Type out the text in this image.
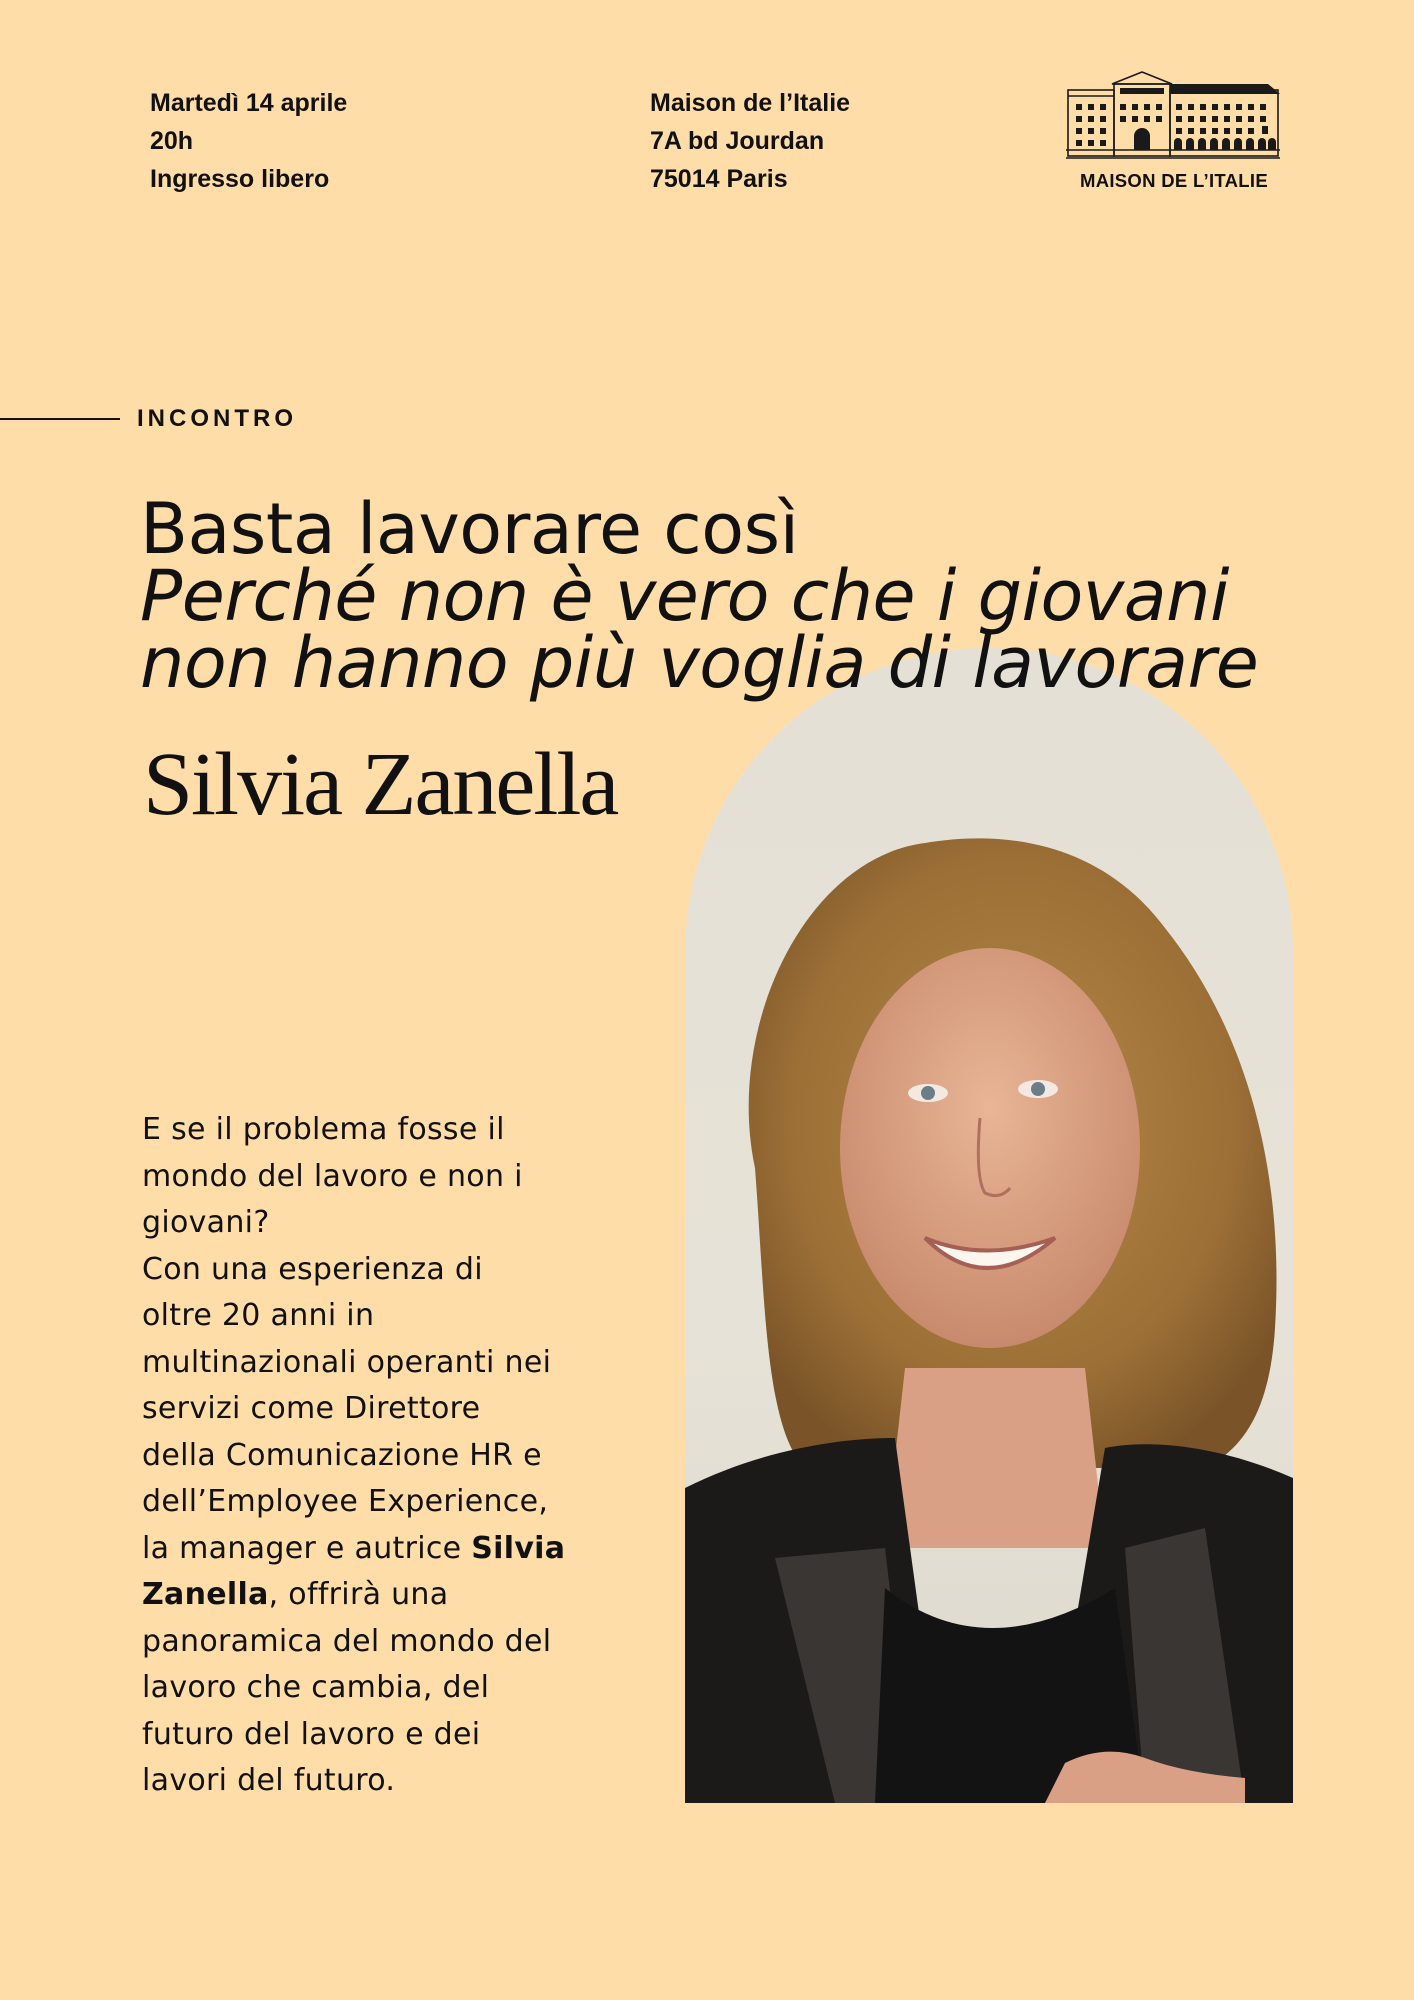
Martedì 14 aprile
20h
Ingresso libero
Maison de l’Italie
7A bd Jourdan
75014 Paris	MAISON DE L’ITALIE
INCONTRO
Basta lavorare così
Perché non è vero che i giovani
non hanno più voglia di lavorare
Silvia Zanella
E se il problema fosse il
mondo del lavoro e non i
giovani?
Con una esperienza di
oltre 20 anni in
multinazionali operanti nei
servizi come Direttore
della Comunicazione HR e
dell’Employee Experience,
la manager e autrice Silvia
Zanella, offrirà una
panoramica del mondo del
lavoro che cambia, del
futuro del lavoro e dei
lavori del futuro.
